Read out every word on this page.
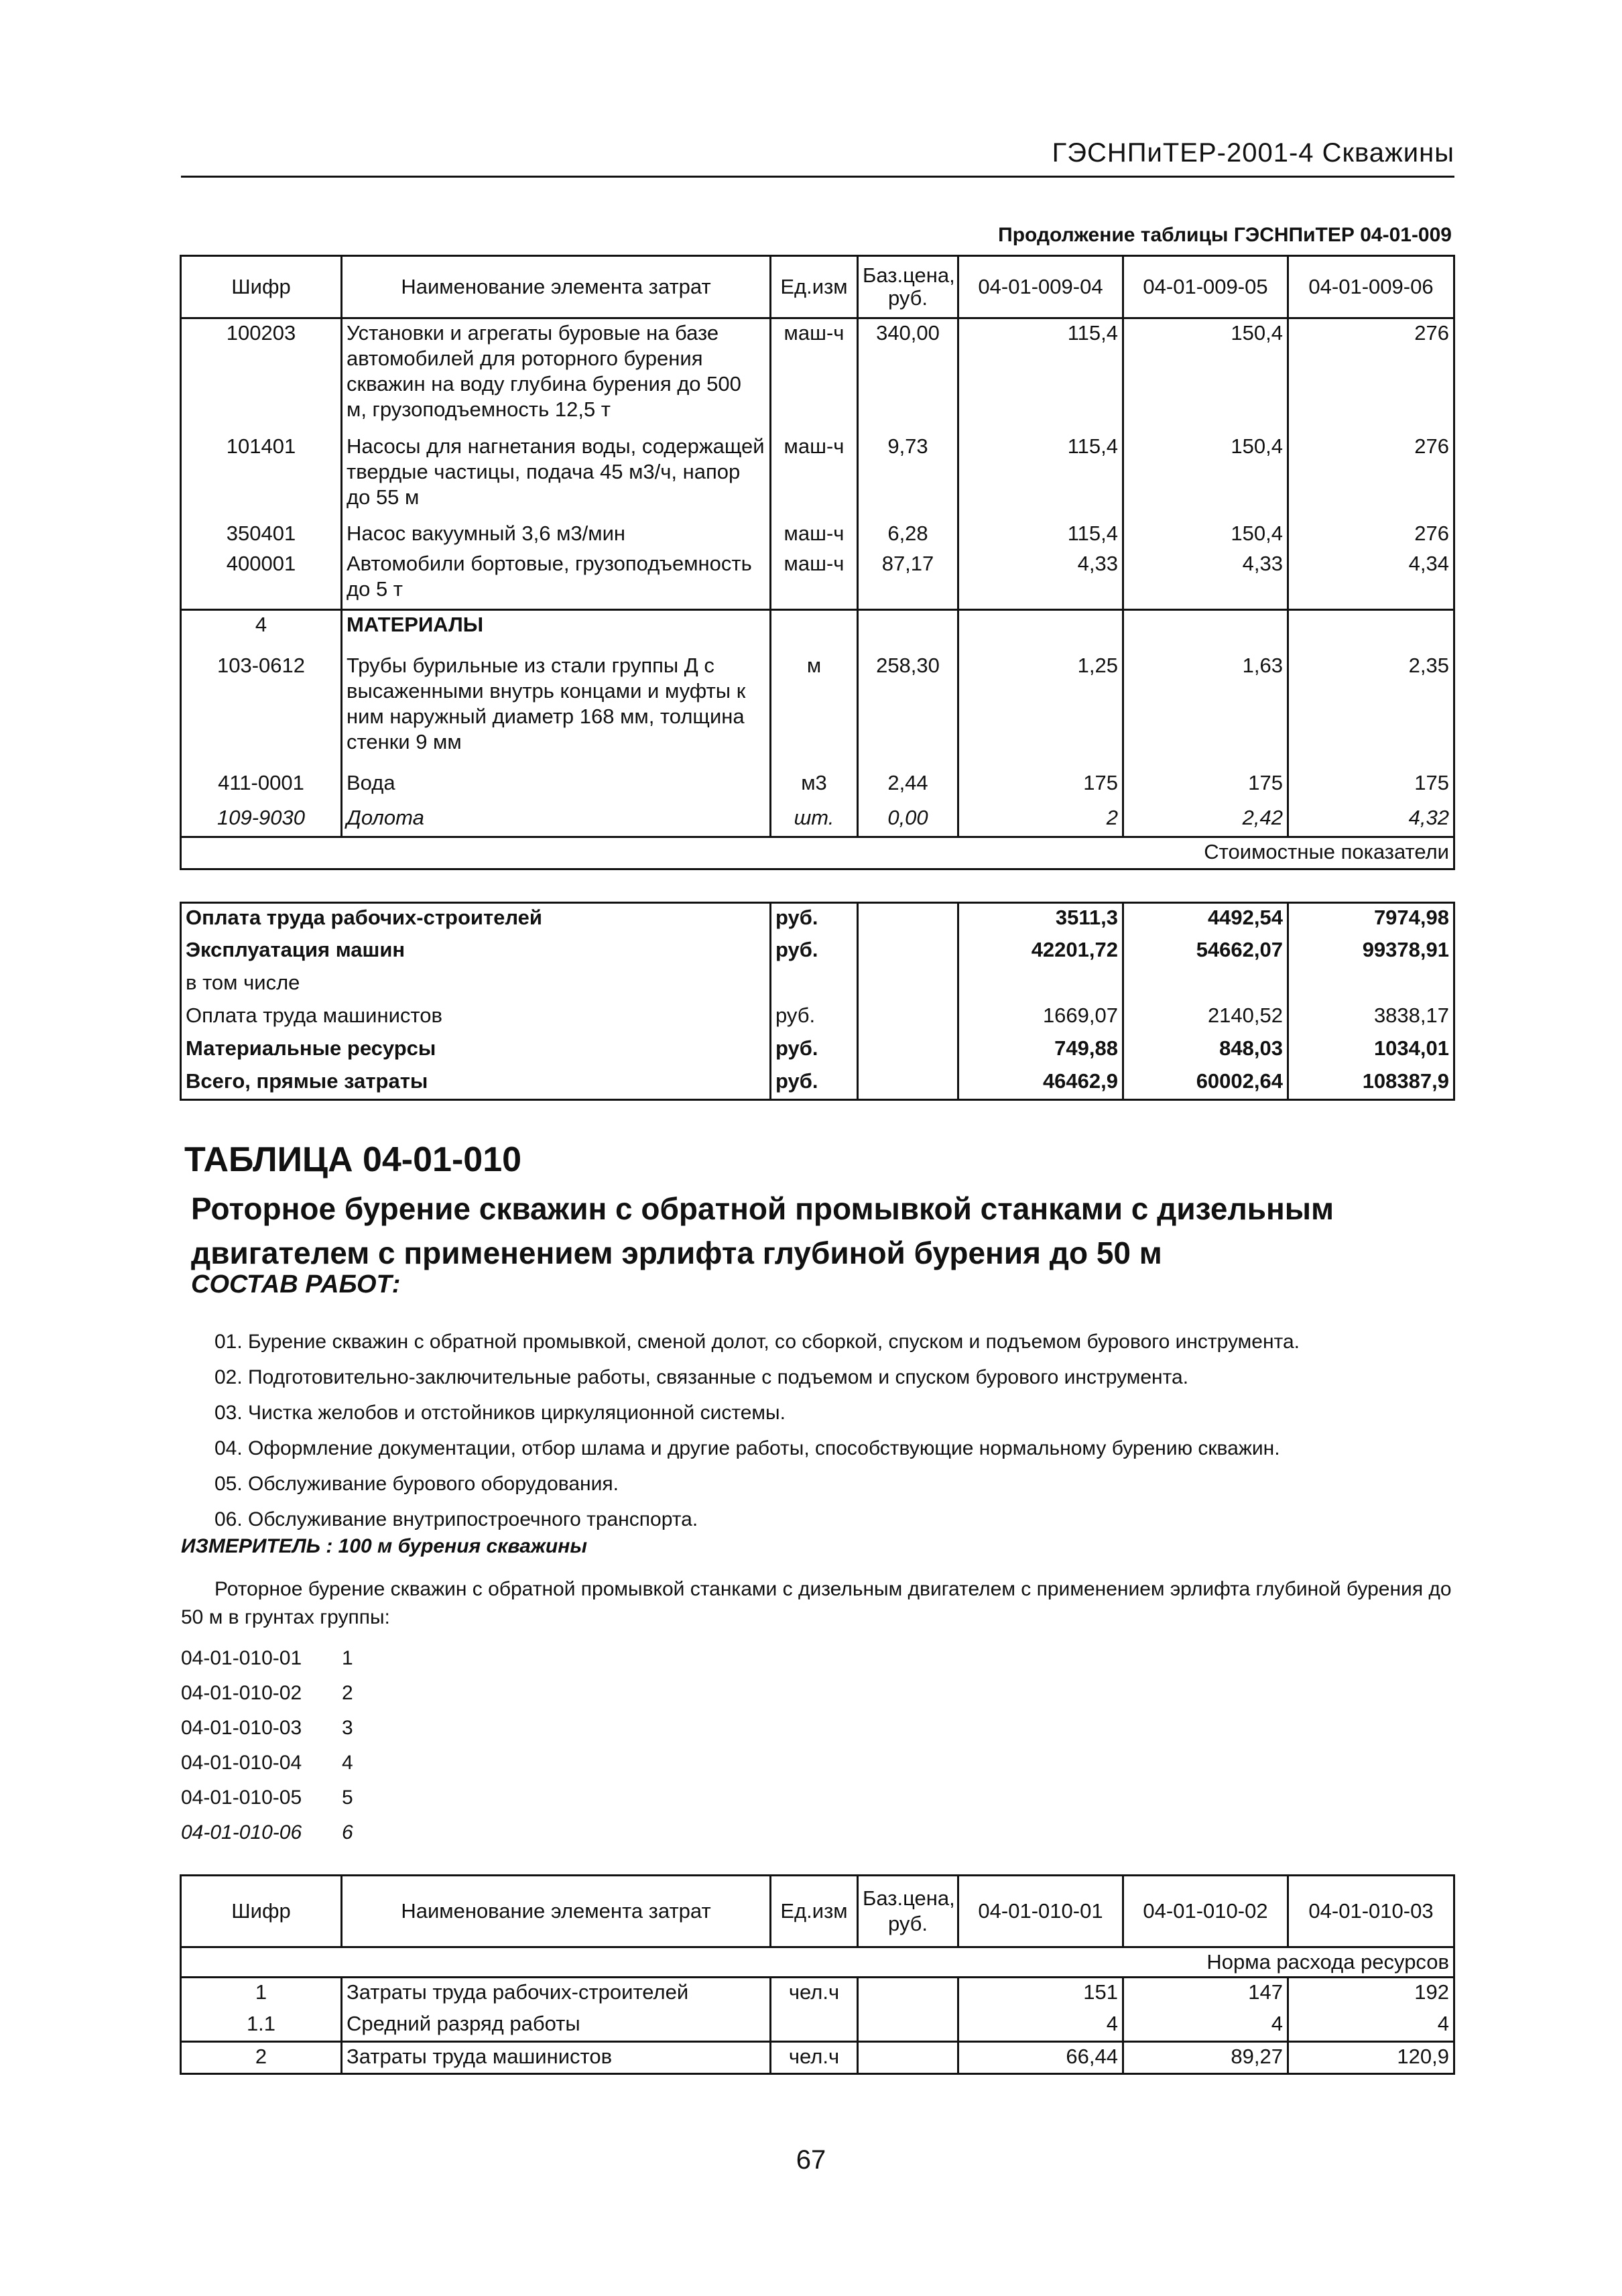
ГЭСНПиТЕР-2001-4 Скважины
Продолжение таблицы ГЭСНПиТЕР 04-01-009
Шифр	Наименование элемента затрат	Ед.изм	Баз.цена, руб.	04-01-009-04	04-01-009-05	04-01-009-06
100203	Установки и агрегаты буровые на базе автомобилей для роторного бурения скважин на воду глубина бурения до 500 м, грузоподъемность 12,5 т	маш-ч	340,00	115,4	150,4	276
101401	Насосы для нагнетания воды, содержащей твердые частицы, подача 45 м3/ч, напор до 55 м	маш-ч	9,73	115,4	150,4	276
350401	Насос вакуумный 3,6 м3/мин	маш-ч	6,28	115,4	150,4	276
400001	Автомобили бортовые, грузоподъемность до 5 т	маш-ч	87,17	4,33	4,33	4,34
4	МАТЕРИАЛЫ					
103-0612	Трубы бурильные из стали группы Д с высаженными внутрь концами и муфты к ним наружный диаметр 168 мм, толщина стенки 9 мм	м	258,30	1,25	1,63	2,35
411-0001	Вода	м3	2,44	175	175	175
109-9030	Долота	шт.	0,00	2	2,42	4,32
Стоимостные показатели						
Оплата труда рабочих-строителей	руб.		3511,3	4492,54	7974,98
Эксплуатация машин	руб.		42201,72	54662,07	99378,91
в том числе					
Оплата труда машинистов	руб.		1669,07	2140,52	3838,17
Материальные ресурсы	руб.		749,88	848,03	1034,01
Всего, прямые затраты	руб.		46462,9	60002,64	108387,9
ТАБЛИЦА 04-01-010
Роторное бурение скважин с обратной промывкой станками с дизельным двигателем с применением эрлифта глубиной бурения до 50 м
СОСТАВ РАБОТ:
01. Бурение скважин с обратной промывкой, сменой долот, со сборкой, спуском и подъемом бурового инструмента.
02. Подготовительно-заключительные работы, связанные с подъемом и спуском бурового инструмента.
03. Чистка желобов и отстойников циркуляционной системы.
04. Оформление документации, отбор шлама и другие работы, способствующие нормальному бурению скважин.
05. Обслуживание бурового оборудования.
06. Обслуживание внутрипостроечного транспорта.
ИЗМЕРИТЕЛЬ : 100 м бурения скважины
Роторное бурение скважин с обратной промывкой станками с дизельным двигателем с применением эрлифта глубиной бурения до 50 м в грунтах группы:
04-01-010-01 1
04-01-010-02 2
04-01-010-03 3
04-01-010-04 4
04-01-010-05 5
04-01-010-06 6
Шифр	Наименование элемента затрат	Ед.изм	Баз.цена, руб.	04-01-010-01	04-01-010-02	04-01-010-03
Норма расхода ресурсов						
1	Затраты труда рабочих-строителей	чел.ч		151	147	192
1.1	Средний разряд работы			4	4	4
2	Затраты труда машинистов	чел.ч		66,44	89,27	120,9
67
